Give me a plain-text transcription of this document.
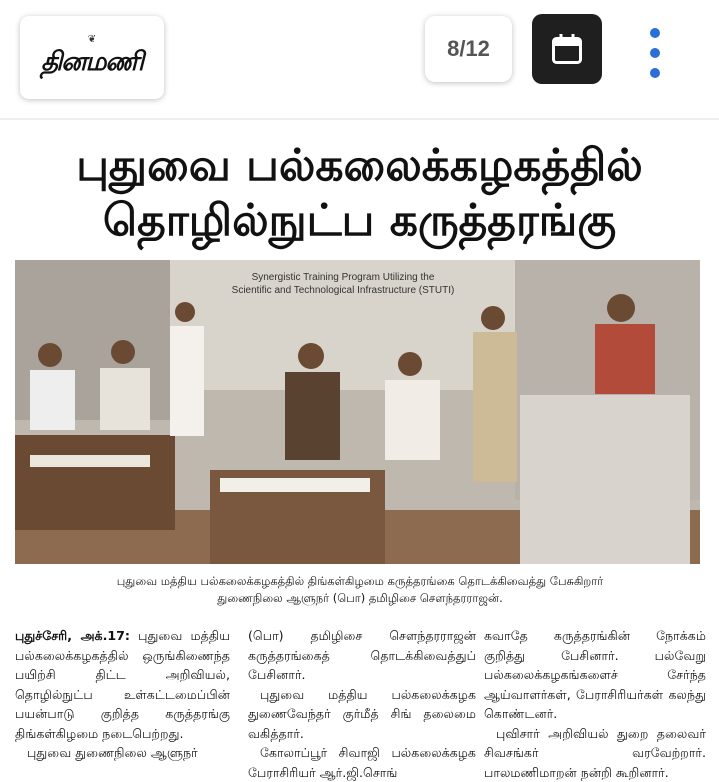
❦
தினமணி	8/12
புதுவை பல்கலைக்கழகத்தில்
தொழில்நுட்ப கருத்தரங்கு
Synergistic Training Program Utilizing the
Scientific and Technological Infrastructure (STUTI)
புதுவை மத்திய பல்கலைக்கழகத்தில் திங்கள்கிழமை கருத்தரங்கை தொடக்கிவைத்து பேசுகிறார்
துணைநிலை ஆளுநர் (பொ) தமிழிசை செளந்தரராஜன்.

புதுச்சேரி, அக்.17: புதுவை மத்திய பல்கலைக்கழகத்தில் ஒருங்கிணைந்த பயிற்சி திட்ட அறிவியல், தொழில்நுட்ப உள்கட்டமைப்பின் பயன்பாடு குறித்த கருத்தரங்கு திங்கள்கிழமை நடைபெற்றது.

புதுவை துணைநிலை ஆளுநர்

(பொ) தமிழிசை செளந்தரராஜன் கருத்தரங்கைத் தொடக்கிவைத்துப் பேசினார்.

புதுவை மத்திய பல்கலைக்கழக துணைவேந்தர் குர்மீத் சிங் தலைமை வகித்தார்.

கோலாப்பூர் சிவாஜி பல்கலைக்கழக பேராசிரியர் ஆர்.ஜி.சொங்

கவாதே கருத்தரங்கின் நோக்கம் குறித்து பேசினார். பல்வேறு பல்கலைக்கழகங்களைச் சேர்ந்த ஆய்வாளர்கள், பேராசிரியர்கள் கலந்து கொண்டனர்.

புவிசார் அறிவியல் துறை தலைவர் சிவசங்கர் வரவேற்றார். பாலமணிமாறன் நன்றி கூறினார்.
